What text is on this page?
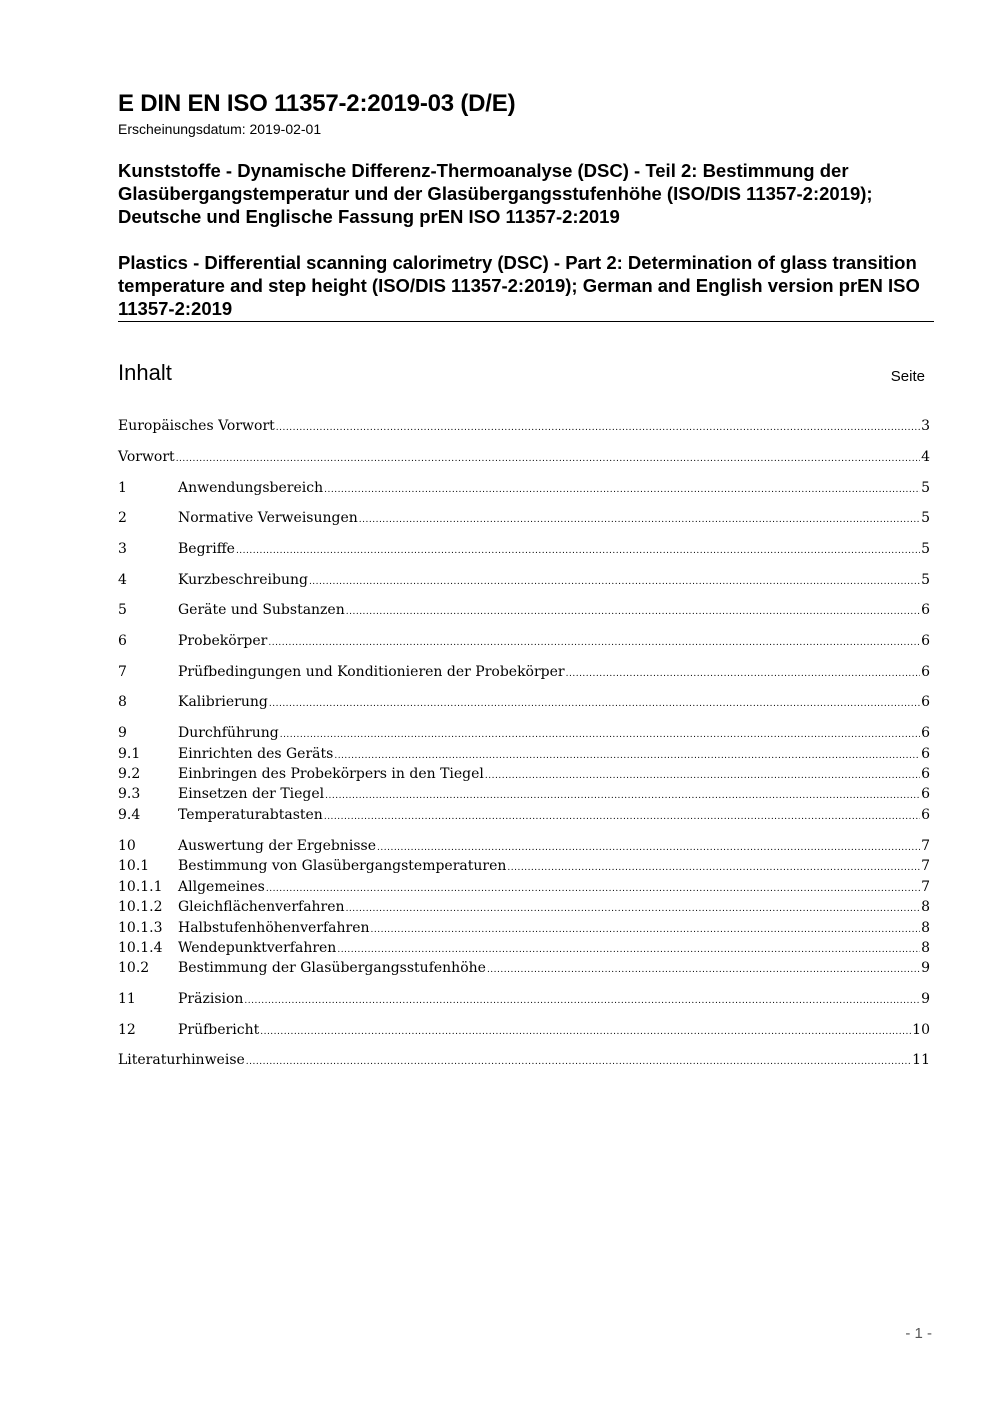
E DIN EN ISO 11357-2:2019-03 (D/E)
Erscheinungsdatum: 2019-02-01
Kunststoffe - Dynamische Differenz-Thermoanalyse (DSC) - Teil 2: Bestimmung der Glasübergangstemperatur und der Glasübergangsstufenhöhe (ISO/DIS 11357-2:2019); Deutsche und Englische Fassung prEN ISO 11357-2:2019
Plastics - Differential scanning calorimetry (DSC) - Part 2: Determination of glass transition temperature and step height (ISO/DIS 11357-2:2019); German and English version prEN ISO 11357-2:2019
Inhalt	Seite
Europäisches Vorwort .....	3
Vorwort .....	4
1	Anwendungsbereich .....	5
2	Normative Verweisungen .....	5
3	Begriffe .....	5
4	Kurzbeschreibung .....	5
5	Geräte und Substanzen .....	6
6	Probekörper .....	6
7	Prüfbedingungen und Konditionieren der Probekörper .....	6
8	Kalibrierung .....	6
9	Durchführung .....	6
9.1	Einrichten des Geräts .....	6
9.2	Einbringen des Probekörpers in den Tiegel .....	6
9.3	Einsetzen der Tiegel .....	6
9.4	Temperaturabtasten .....	6
10	Auswertung der Ergebnisse .....	7
10.1	Bestimmung von Glasübergangstemperaturen .....	7
10.1.1	Allgemeines .....	7
10.1.2	Gleichflächenverfahren .....	8
10.1.3	Halbstufenhöhenverfahren .....	8
10.1.4	Wendepunktverfahren .....	8
10.2	Bestimmung der Glasübergangsstufenhöhe .....	9
11	Präzision .....	9
12	Prüfbericht .....	10
Literaturhinweise .....	11
- 1 -
